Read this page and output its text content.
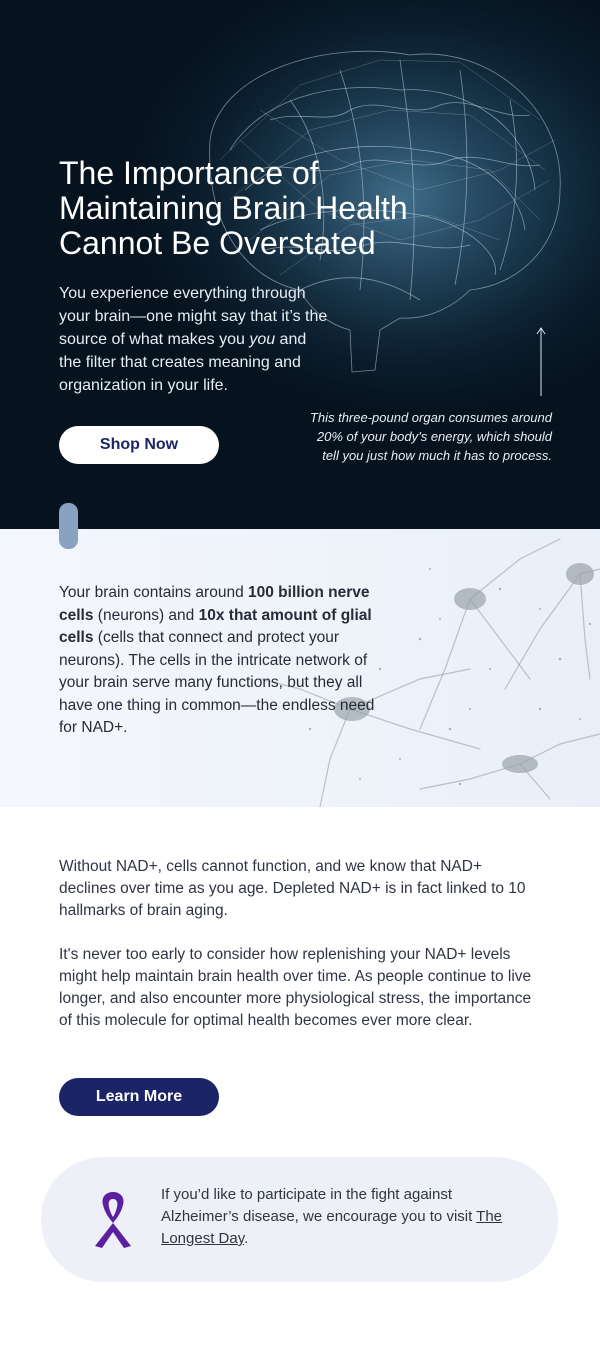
The Importance of Maintaining Brain Health Cannot Be Overstated

You experience everything through your brain—one might say that it’s the source of what makes you you and the filter that creates meaning and organization in your life.

Shop Now

This three-pound organ consumes around 20% of your body’s energy, which should tell you just how much it has to process.

Your brain contains around 100 billion nerve cells (neurons) and 10x that amount of glial cells (cells that connect and protect your neurons). The cells in the intricate network of your brain serve many functions, but they all have one thing in common—the endless need for NAD+.

Without NAD+, cells cannot function, and we know that NAD+ declines over time as you age. Depleted NAD+ is in fact linked to 10 hallmarks of brain aging.

It's never too early to consider how replenishing your NAD+ levels might help maintain brain health over time. As people continue to live longer, and also encounter more physiological stress, the importance of this molecule for optimal health becomes ever more clear.

Learn More

If you’d like to participate in the fight against Alzheimer’s disease, we encourage you to visit The Longest Day.
